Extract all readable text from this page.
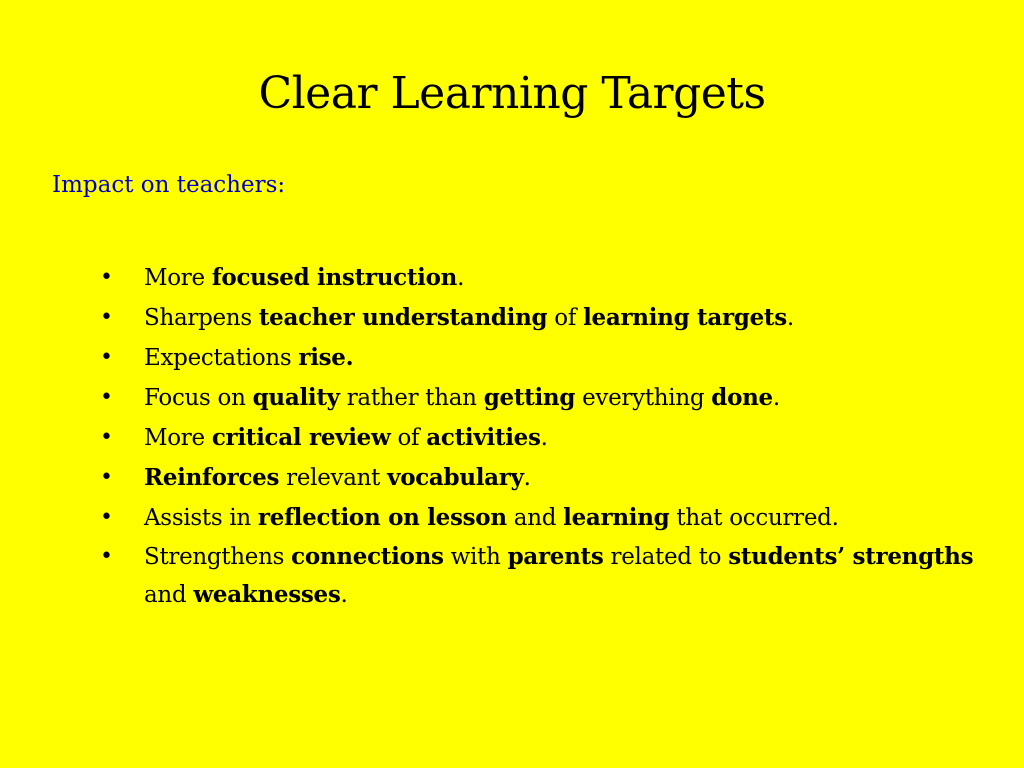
Clear Learning Targets

Impact on teachers:

• More focused instruction.
• Sharpens teacher understanding of learning targets.
• Expectations rise.
• Focus on quality rather than getting everything done.
• More critical review of activities.
• Reinforces relevant vocabulary.
• Assists in reflection on lesson and learning that occurred.
• Strengthens connections with parents related to students’ strengths and weaknesses.
